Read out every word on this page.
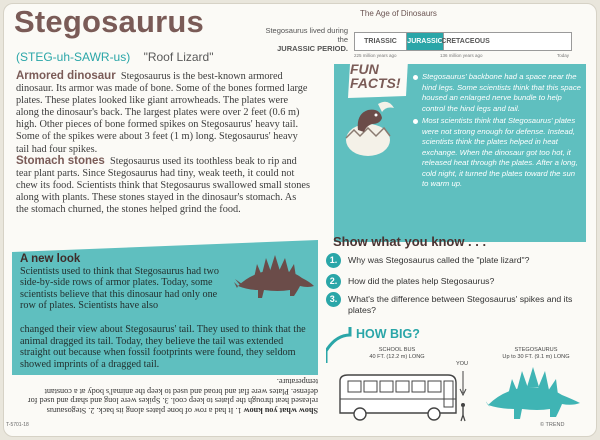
Stegosaurus
(STEG-uh-SAWR-us) "Roof Lizard"
Stegosaurus lived during the
JURASSIC PERIOD.
The Age of Dinosaurs
TRIASSIC	JURASSIC
CRETACEOUS
225 million years ago	136 million years ago	Today
Armored dinosaur Stegosaurus is the best-known armored dinosaur. Its armor was made of bone. Some of the bones formed large plates. These plates looked like giant arrowheads. The plates were along the dinosaur's back. The largest plates were over 2 feet (0.6 m) high. Other pieces of bone formed spikes on Stegosaurus' heavy tail. Some of the spikes were about 3 feet (1 m) long. Stegosaurus' heavy tail had four spikes.
Stomach stones Stegosaurus used its toothless beak to rip and tear plant parts. Since Stegosaurus had tiny, weak teeth, it could not chew its food. Scientists think that Stegosaurus swallowed small stones along with plants. These stones stayed in the dinosaur's stomach. As the stomach churned, the stones helped grind the food.
A new look
Scientists used to think that Stegosaurus had two side-by-side rows of armor plates. Today, some scientists believe that this dinosaur had only one row of plates. Scientists have also
changed their view about Stegosaurus' tail. They used to think that the animal dragged its tail. Today, they believe the tail was extended straight out because when fossil footprints were found, they seldom showed imprints of a dragged tail.
Show what you know 1. It had a row of bone plates along its back. 2. Stegosaurus released heat through the plates to keep cool. 3. Spikes were long and sharp and used for defense. Plates were flat and broad and used to keep the animal's body at a constant temperature.
T-5701-18	© TREND
FUN FACTS!	Stegosaurus' backbone had a space near the hind legs. Some scientists think that this space housed an enlarged nerve bundle to help control the hind legs and tail.
Most scientists think that Stegosaurus' plates were not strong enough for defense. Instead, scientists think the plates helped in heat exchange. When the dinosaur got too hot, it released heat through the plates. After a long, cold night, it turned the plates toward the sun to warm up.
Show what you know . . .
1.	Why was Stegosaurus called the "plate lizard"?
2.	How did the plates help Stegosaurus?
3.	What's the difference between Stegosaurus' spikes and its plates?
HOW BIG?
SCHOOL BUS
40 FT. (12.2 m) LONG
YOU
STEGOSAURUS
Up to 30 FT. (9.1 m) LONG
